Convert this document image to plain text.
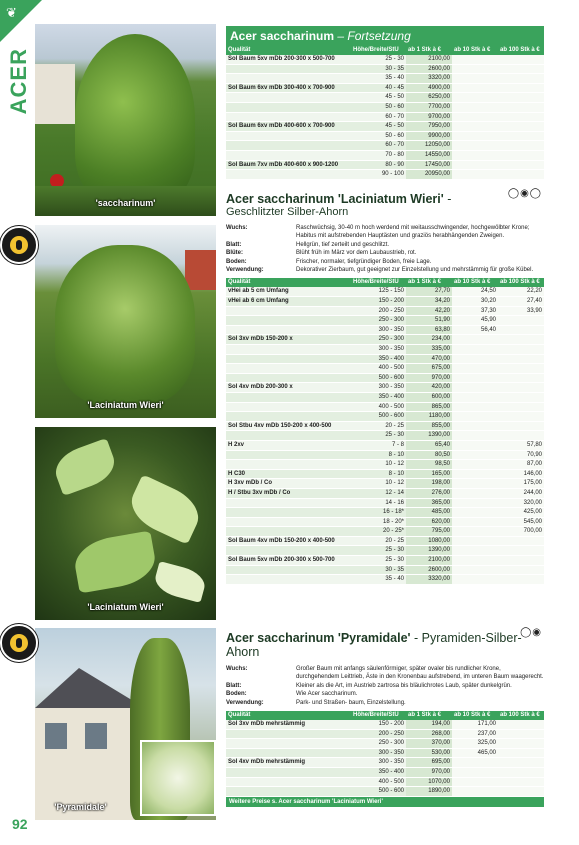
❦
ACER
92
'saccharinum'
'Laciniatum Wieri'
'Laciniatum Wieri'
'Pyramidale'
Acer saccharinum – Fortsetzung
Qualität	Höhe/Breite/StU	ab 1 Stk à €	ab 10 Stk à €	ab 100 Stk à €
Sol Baum 5xv mDb 200-300 x 500-700	25 - 30	2100,00		
	30 - 35	2600,00		
	35 - 40	3320,00		
Sol Baum 6xv mDb 300-400 x 700-900	40 - 45	4900,00		
	45 - 50	6250,00		
	50 - 60	7700,00		
	60 - 70	9700,00		
Sol Baum 6xv mDb 400-600 x 700-900	45 - 50	7950,00		
	50 - 60	9900,00		
	60 - 70	12050,00		
	70 - 80	14550,00		
Sol Baum 7xv mDb 400-600 x 900-1200	80 - 90	17450,00		
	90 - 100	20950,00		
Acer saccharinum 'Laciniatum Wieri' -	◯◉◯
Geschlitzter Silber-Ahorn
Wuchs:	Raschwüchsig, 30-40 m hoch werdend mit weitausschwingender, hochgewölbter Krone; Habitus mit aufstrebenden Hauptästen und graziös herabhängenden Zweigen.
Blatt:	Hellgrün, tief zerteilt und geschlitzt.
Blüte:	Blüht früh im März vor dem Laubaustrieb, rot.
Boden:	Frischer, normaler, tiefgründiger Boden, freie Lage.
Verwendung:	Dekorativer Zierbaum, gut geeignet zur Einzelstellung und mehrstämmig für große Kübel.
Qualität	Höhe/Breite/StU	ab 1 Stk à €	ab 10 Stk à €	ab 100 Stk à €
vHei ab 5 cm Umfang	125 - 150	27,70	24,50	22,20
vHei ab 6 cm Umfang	150 - 200	34,20	30,20	27,40
	200 - 250	42,20	37,30	33,90
	250 - 300	51,90	45,90	
	300 - 350	63,80	56,40	
Sol 3xv mDb 150-200 x	250 - 300	234,00		
	300 - 350	335,00		
	350 - 400	470,00		
	400 - 500	675,00		
	500 - 600	970,00		
Sol 4xv mDb 200-300 x	300 - 350	420,00		
	350 - 400	600,00		
	400 - 500	865,00		
	500 - 600	1180,00		
Sol Stbu 4xv mDb 150-200 x 400-500	20 - 25	855,00		
	25 - 30	1390,00		
H 2xv	7 - 8	65,40		57,80
	8 - 10	80,50		70,90
	10 - 12	98,50		87,00
H C30	8 - 10	165,00		146,00
H 3xv mDb / Co	10 - 12	198,00		175,00
H / Stbu 3xv mDb / Co	12 - 14	276,00		244,00
	14 - 16	365,00		320,00
	16 - 18*	485,00		425,00
	18 - 20*	620,00		545,00
	20 - 25*	795,00		700,00
Sol Baum 4xv mDb 150-200 x 400-500	20 - 25	1080,00		
	25 - 30	1390,00		
Sol Baum 5xv mDb 200-300 x 500-700	25 - 30	2100,00		
	30 - 35	2600,00		
	35 - 40	3320,00		
Acer saccharinum 'Pyramidale' - Pyramiden-Silber-Ahorn
◯◉
Wuchs:	Großer Baum mit anfangs säulenförmiger, später ovaler bis rundlicher Krone, durchgehendem Leittrieb, Äste in den Kronenbau aufstrebend, im unteren Baum waagerecht.
Blatt:	Kleiner als die Art, im Austrieb zartrosa bis bläulichrotes Laub, später dunkelgrün.
Boden:	Wie Acer saccharinum.
Verwendung:	Park- und Straßen- baum, Einzelstellung.
Qualität	Höhe/Breite/StU	ab 1 Stk à €	ab 10 Stk à €	ab 100 Stk à €
Sol 3xv mDb mehrstämmig	150 - 200	194,00	171,00	
	200 - 250	268,00	237,00	
	250 - 300	370,00	325,00	
	300 - 350	530,00	465,00	
Sol 4xv mDb mehrstämmig	300 - 350	695,00		
	350 - 400	970,00		
	400 - 500	1070,00		
	500 - 600	1890,00		
Weitere Preise s. Acer saccharinum 'Laciniatum Wieri'
